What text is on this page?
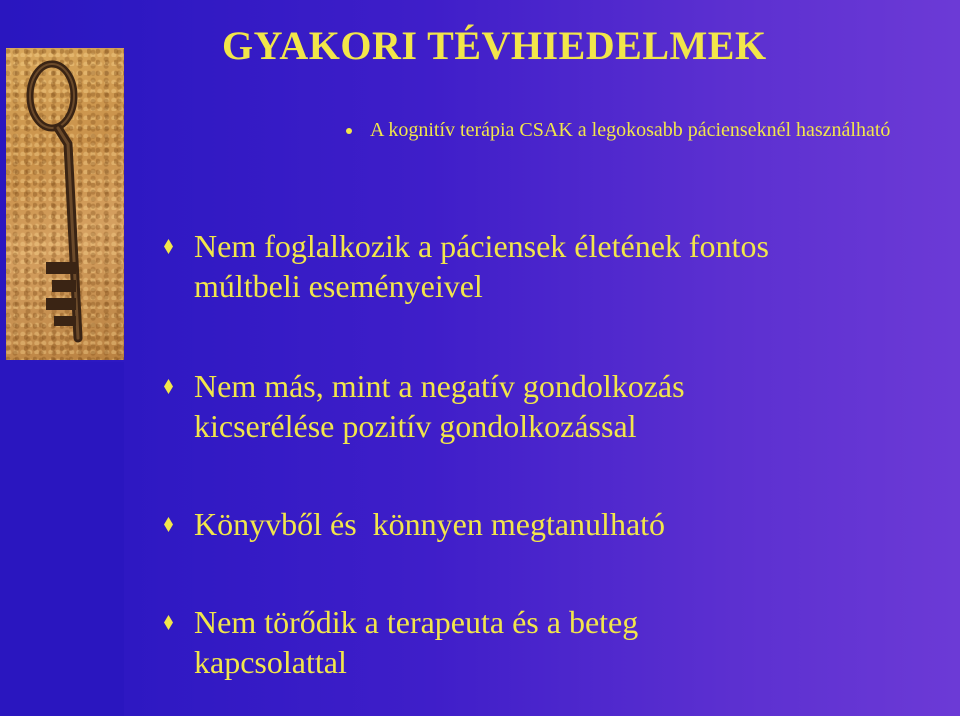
GYAKORI TÉVHIEDELMEK
A kognitív terápia CSAK a legokosabb pácienseknél használható
Nem foglalkozik a páciensek életének fontos
múltbeli eseményeivel
Nem más, mint a negatív gondolkozás
kicserélése pozitív gondolkozással
Könyvből és  könnyen megtanulható
Nem törődik a terapeuta és a beteg
kapcsolattal
